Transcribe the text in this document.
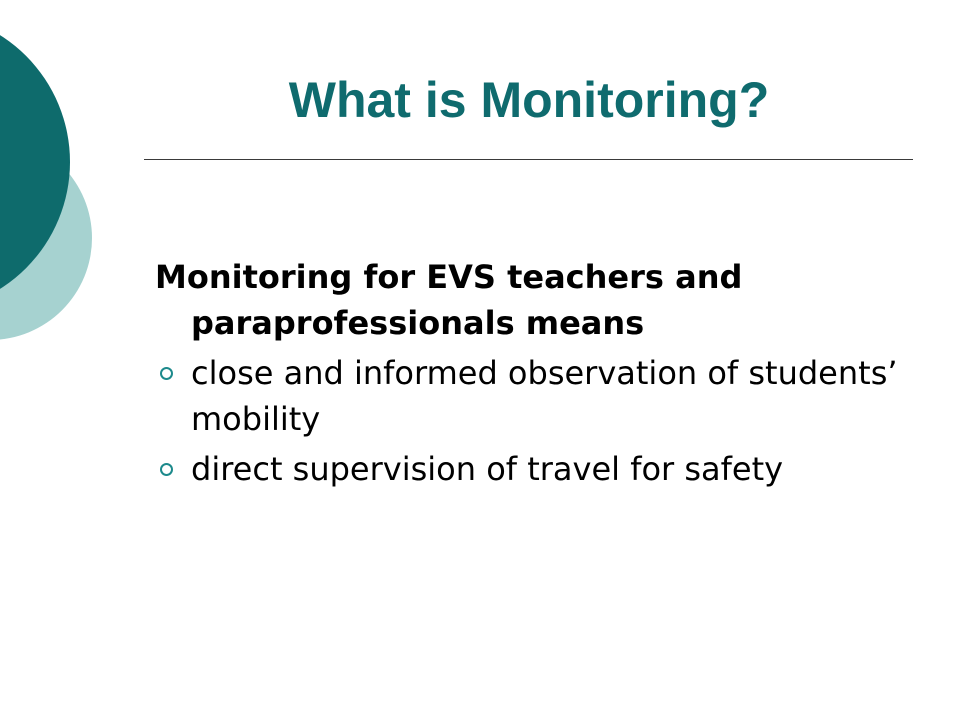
What is Monitoring?

Monitoring for EVS teachers and paraprofessionals means

close and informed observation of students’ mobility
direct supervision of travel for safety
